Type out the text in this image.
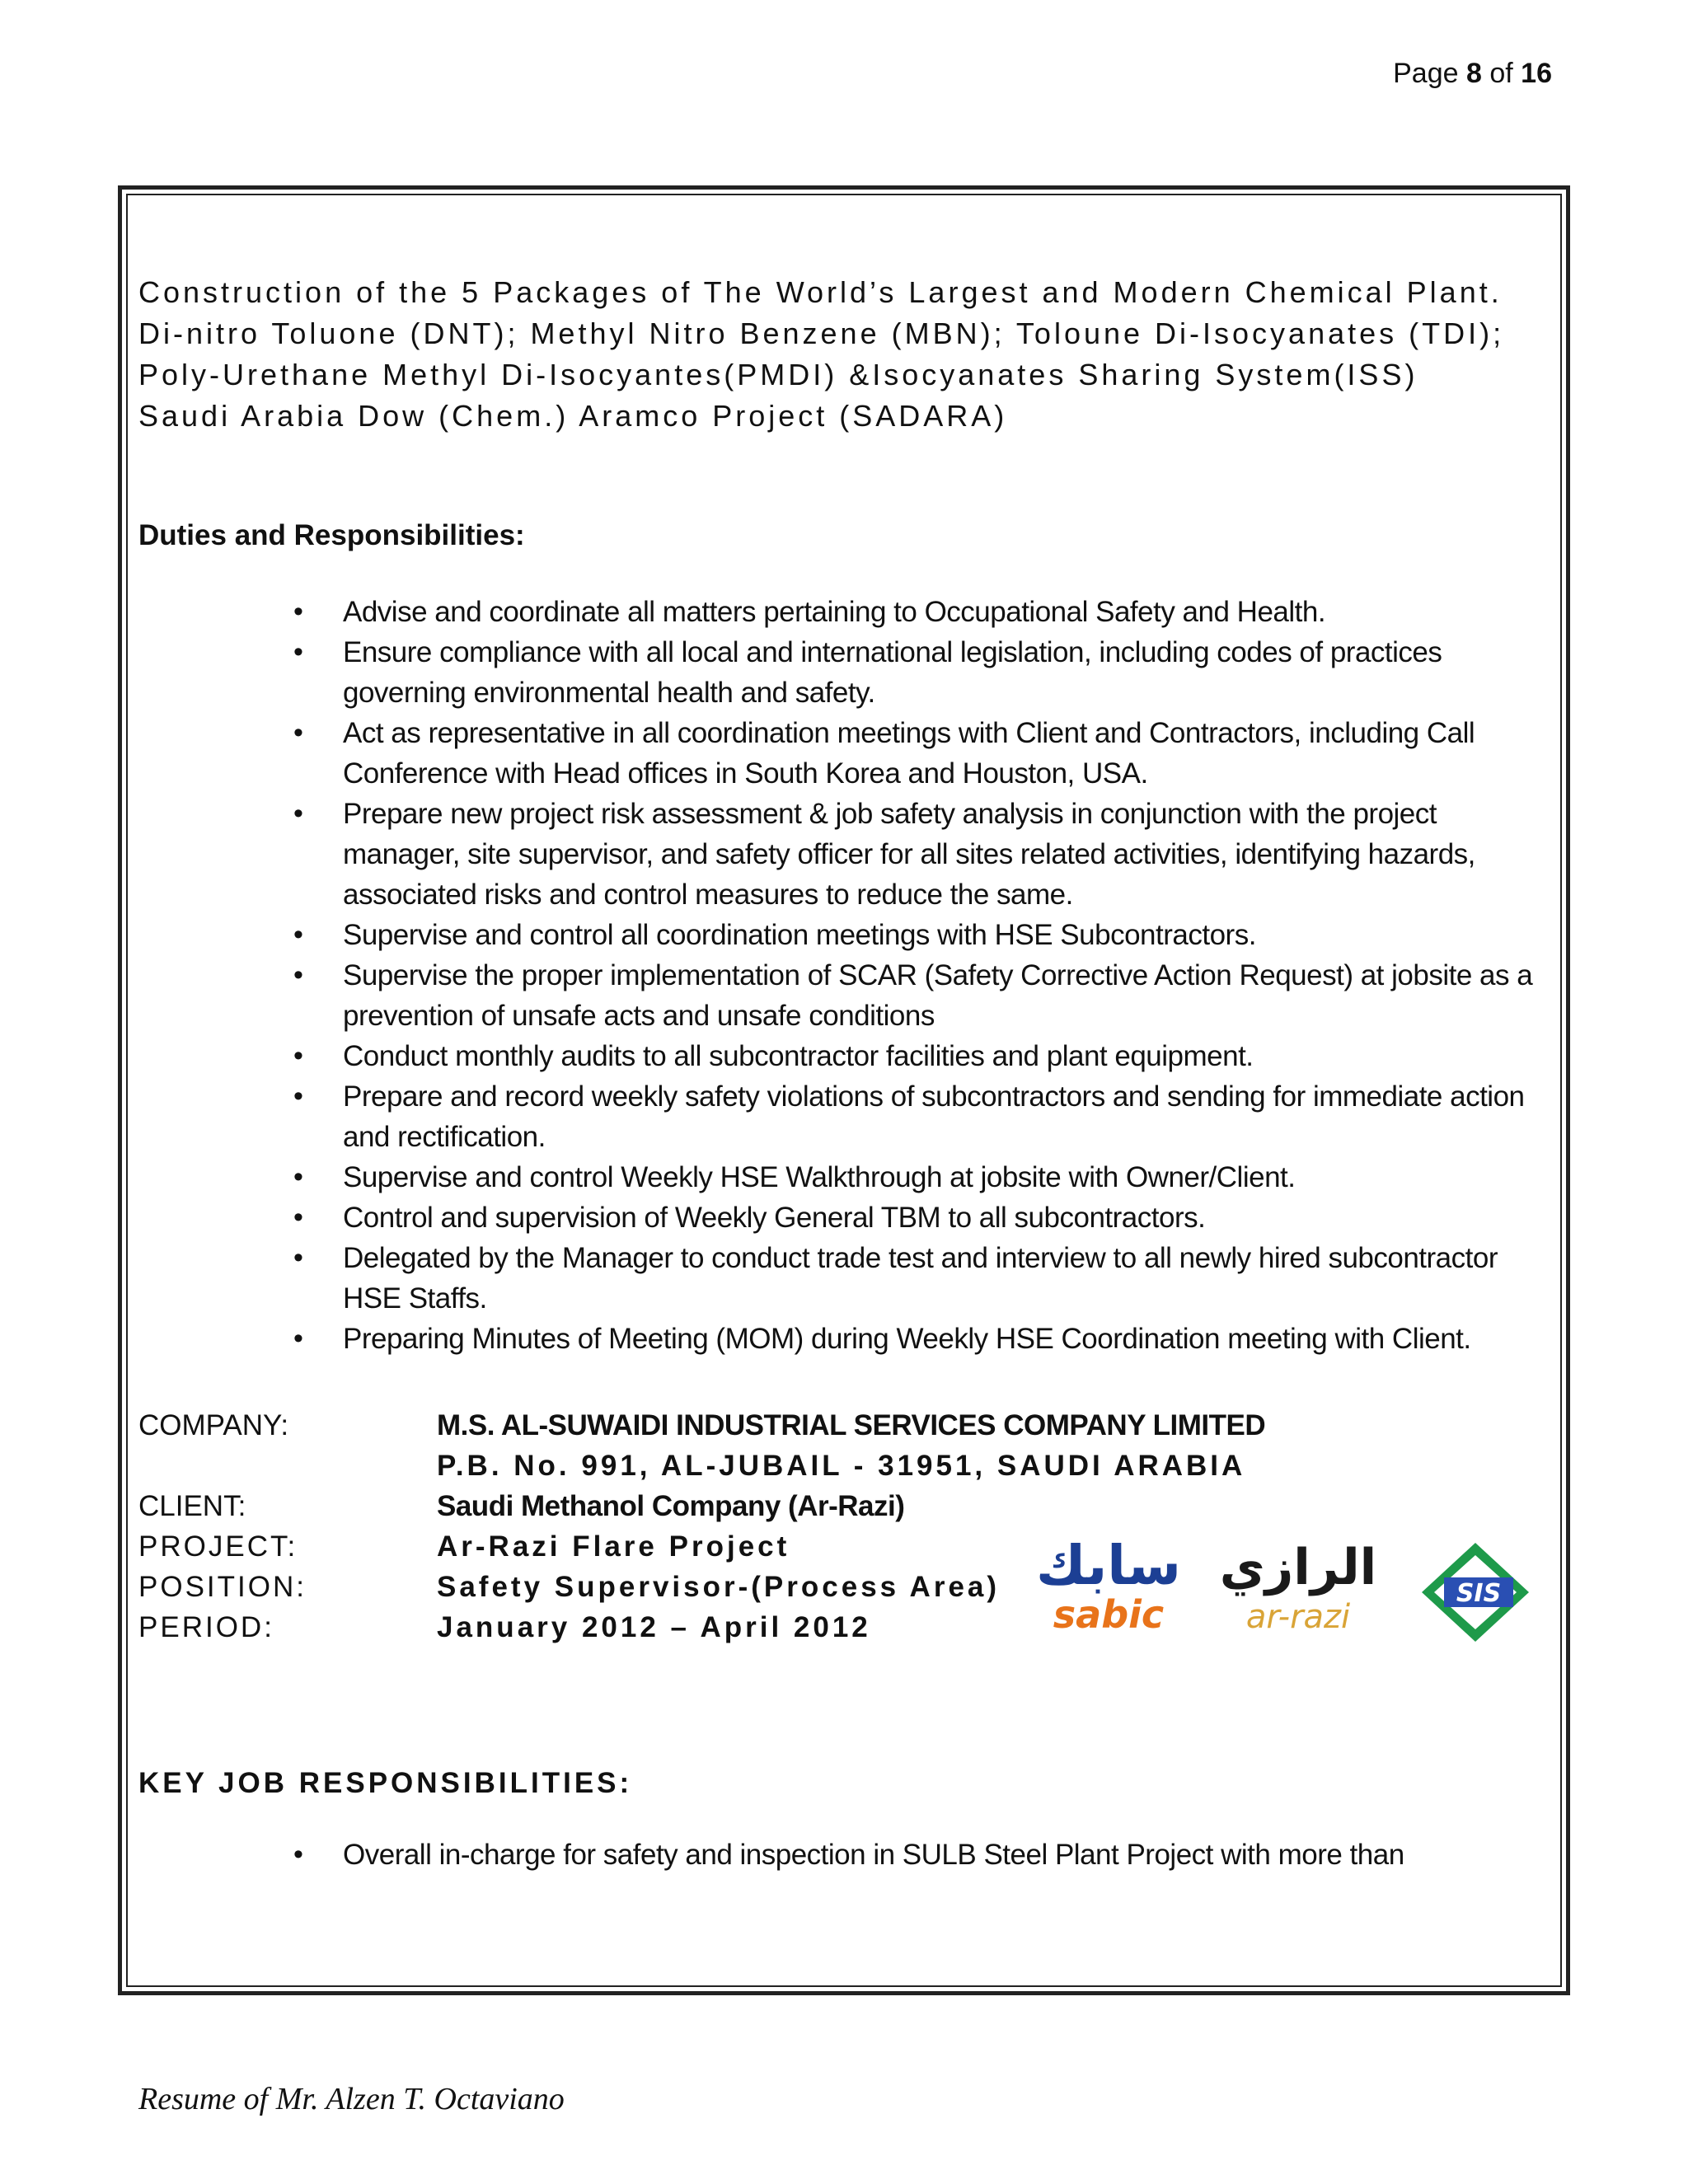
Page 8 of 16
Construction of the 5 Packages of The World’s Largest and Modern Chemical Plant.
Di-nitro Toluone (DNT); Methyl Nitro Benzene (MBN); Toloune Di-Isocyanates (TDI);
Poly-Urethane Methyl Di-Isocyantes(PMDI) &Isocyanates Sharing System(ISS)
Saudi Arabia Dow (Chem.) Aramco Project (SADARA)
Duties and Responsibilities:
• Advise and coordinate all matters pertaining to Occupational Safety and Health.
• Ensure compliance with all local and international legislation, including codes of practices governing environmental health and safety.
• Act as representative in all coordination meetings with Client and Contractors, including Call Conference with Head offices in South Korea and Houston, USA.
• Prepare new project risk assessment & job safety analysis in conjunction with the project manager, site supervisor, and safety officer for all sites related activities, identifying hazards, associated risks and control measures to reduce the same.
• Supervise and control all coordination meetings with HSE Subcontractors.
• Supervise the proper implementation of SCAR (Safety Corrective Action Request) at jobsite as a prevention of unsafe acts and unsafe conditions
• Conduct monthly audits to all subcontractor facilities and plant equipment.
• Prepare and record weekly safety violations of subcontractors and sending for immediate action and rectification.
• Supervise and control Weekly HSE Walkthrough at jobsite with Owner/Client.
• Control and supervision of Weekly General TBM to all subcontractors.
• Delegated by the Manager to conduct trade test and interview to all newly hired subcontractor HSE Staffs.
• Preparing Minutes of Meeting (MOM) during Weekly HSE Coordination meeting with Client.
COMPANY:	M.S. AL-SUWAIDI INDUSTRIAL SERVICES COMPANY LIMITED
P.B. No. 991, AL-JUBAIL - 31951, SAUDI ARABIA
CLIENT:	Saudi Methanol Company (Ar-Razi)
PROJECT:	Ar-Razi Flare Project
POSITION:	Safety Supervisor-(Process Area)
PERIOD:	January 2012 – April 2012
سابك
sabic
الرازي
ar-razi
SIS
KEY JOB RESPONSIBILITIES:
• Overall in-charge for safety and inspection in SULB Steel Plant Project with more than
Resume of Mr. Alzen T. Octaviano
